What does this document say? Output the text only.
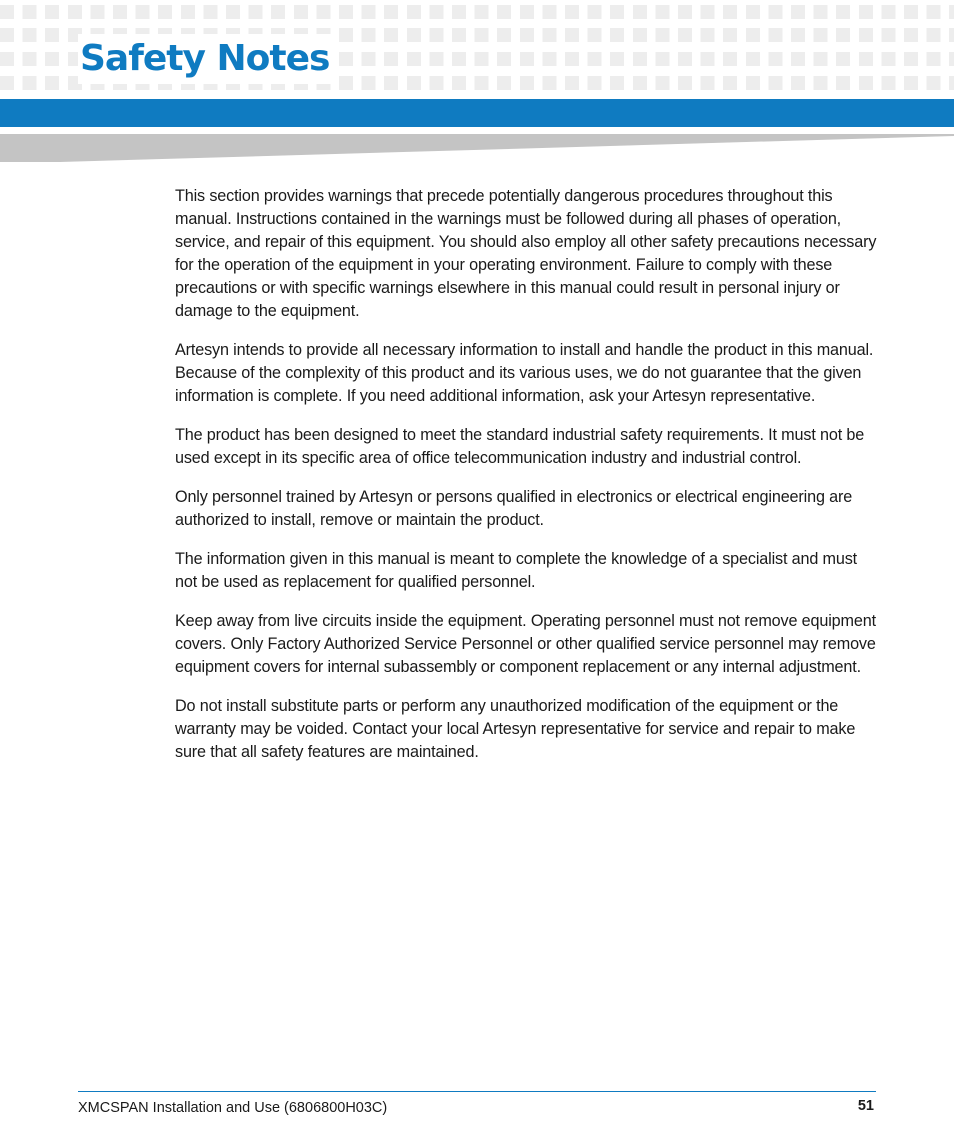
Safety Notes

This section provides warnings that precede potentially dangerous procedures throughout this manual. Instructions contained in the warnings must be followed during all phases of operation, service, and repair of this equipment. You should also employ all other safety precautions necessary for the operation of the equipment in your operating environment. Failure to comply with these precautions or with specific warnings elsewhere in this manual could result in personal injury or damage to the equipment.

Artesyn intends to provide all necessary information to install and handle the product in this manual. Because of the complexity of this product and its various uses, we do not guarantee that the given information is complete. If you need additional information, ask your Artesyn representative.

The product has been designed to meet the standard industrial safety requirements. It must not be used except in its specific area of office telecommunication industry and industrial control.

Only personnel trained by Artesyn or persons qualified in electronics or electrical engineering are authorized to install, remove or maintain the product.

The information given in this manual is meant to complete the knowledge of a specialist and must not be used as replacement for qualified personnel.

Keep away from live circuits inside the equipment. Operating personnel must not remove equipment covers. Only Factory Authorized Service Personnel or other qualified service personnel may remove equipment covers for internal subassembly or component replacement or any internal adjustment.

Do not install substitute parts or perform any unauthorized modification of the equipment or the warranty may be voided. Contact your local Artesyn representative for service and repair to make sure that all safety features are maintained.

XMCSPAN Installation and Use (6806800H03C)	51
